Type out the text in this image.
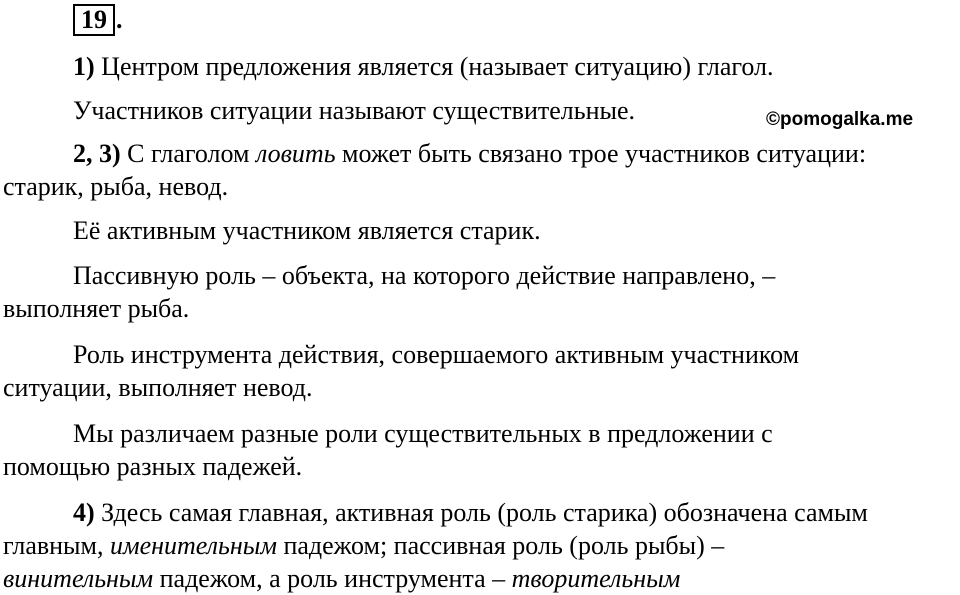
19 .
1) Центром предложения является (называет ситуацию) глагол.
Участников ситуации называют существительные.	©pomogalka.me
2, 3) С глаголом ловить может быть связано трое участников ситуации:
старик, рыба, невод.
Её активным участником является старик.
Пассивную роль – объекта, на которого действие направлено, –
выполняет рыба.
Роль инструмента действия, совершаемого активным участником
ситуации, выполняет невод.
Мы различаем разные роли существительных в предложении с
помощью разных падежей.
4) Здесь самая главная, активная роль (роль старика) обозначена самым
главным, именительным падежом; пассивная роль (роль рыбы) –
винительным падежом, а роль инструмента – творительным
